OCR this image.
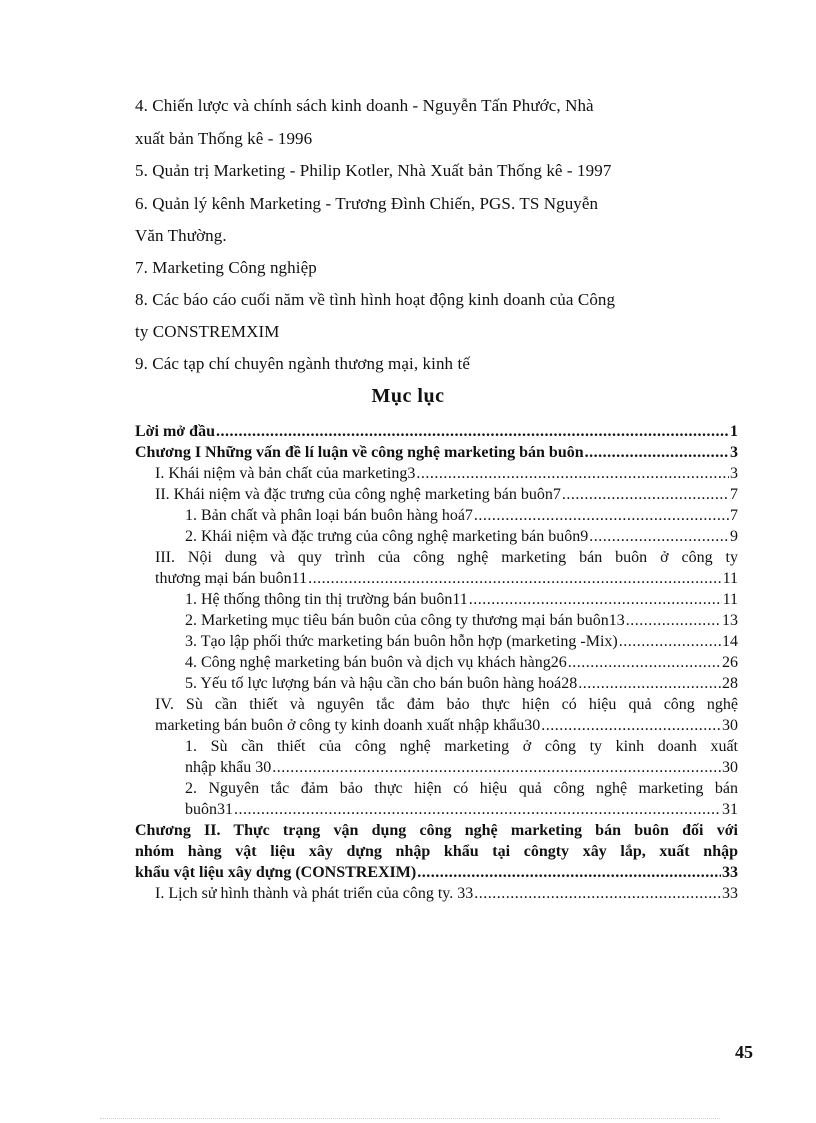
4. Chiến lược và chính sách kinh doanh - Nguyễn Tấn Phước, Nhà
xuất bản Thống kê - 1996
5. Quản trị Marketing - Philip Kotler, Nhà Xuất bản Thống kê - 1997
6. Quản lý kênh Marketing - Trương Đình Chiến, PGS. TS Nguyễn
Văn Thường.
7. Marketing Công nghiệp
8. Các báo cáo cuối năm về tình hình hoạt động kinh doanh của Công
ty CONSTREMXIM
9. Các tạp chí chuyên ngành thương mại, kinh tế
Mục lục
Lời mở đầu .....	1
Chương I Những vấn đề lí luận về công nghệ marketing bán buôn .....	3
I. Khái niệm và bản chất của marketing3 .....	3
II. Khái niệm và đặc trưng của công nghệ marketing bán buôn7 .....	7
1. Bản chất và phân loại bán buôn hàng hoá7 .....	7
2. Khái niệm và đặc trưng của công nghệ marketing bán buôn9 .....	9
III. Nội dung và quy trình của công nghệ marketing bán buôn ở công ty
thương mại bán buôn11 .....	11
1. Hệ thống thông tin thị trường bán buôn11 .....	11
2. Marketing mục tiêu bán buôn của công ty thương mại bán buôn13 .....	13
3. Tạo lập phối thức marketing bán buôn hỗn hợp (marketing -Mix) .....	14
4. Công nghệ marketing bán buôn và dịch vụ khách hàng26 .....	26
5. Yếu tố lực lượng bán và hậu cần cho bán buôn hàng hoá28 .....	28
IV. Sù cần thiết và nguyên tắc đảm bảo thực hiện có hiệu quả công nghệ
marketing bán buôn ở công ty kinh doanh xuất nhập khẩu30 .....	30
1. Sù cần thiết của công nghệ marketing ở công ty kinh doanh xuất
nhập khẩu 30 .....	30
2. Nguyên tắc đảm bảo thực hiện có hiệu quả công nghệ marketing bán
buôn31 .....	31
Chương II. Thực trạng vận dụng công nghệ marketing bán buôn đối với
nhóm hàng vật liệu xây dựng nhập khẩu tại côngty xây lắp, xuất nhập
khẩu vật liệu xây dựng (CONSTREXIM) .....	33
I. Lịch sử hình thành và phát triển của công ty. 33 .....	33
45
